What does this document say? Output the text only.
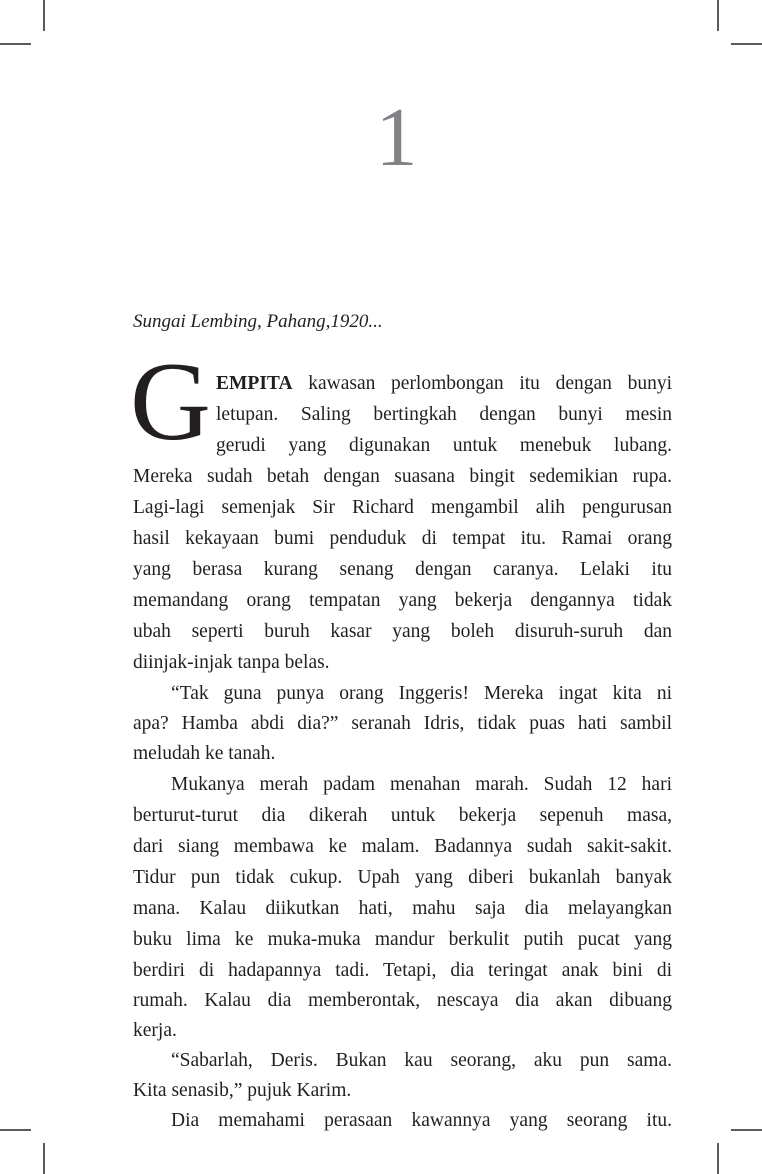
1
Sungai Lembing, Pahang,1920...
G EMPITA kawasan perlombongan itu dengan bunyi
letupan. Saling bertingkah dengan bunyi mesin
gerudi yang digunakan untuk menebuk lubang.
Mereka sudah betah dengan suasana bingit sedemikian rupa.
Lagi-lagi semenjak Sir Richard mengambil alih pengurusan
hasil kekayaan bumi penduduk di tempat itu. Ramai orang
yang berasa kurang senang dengan caranya. Lelaki itu
memandang orang tempatan yang bekerja dengannya tidak
ubah seperti buruh kasar yang boleh disuruh-suruh dan
diinjak-injak tanpa belas.
“Tak guna punya orang Inggeris! Mereka ingat kita ni
apa? Hamba abdi dia?” seranah Idris, tidak puas hati sambil
meludah ke tanah.
Mukanya merah padam menahan marah. Sudah 12 hari
berturut-turut dia dikerah untuk bekerja sepenuh masa,
dari siang membawa ke malam. Badannya sudah sakit-sakit.
Tidur pun tidak cukup. Upah yang diberi bukanlah banyak
mana. Kalau diikutkan hati, mahu saja dia melayangkan
buku lima ke muka-muka mandur berkulit putih pucat yang
berdiri di hadapannya tadi. Tetapi, dia teringat anak bini di
rumah. Kalau dia memberontak, nescaya dia akan dibuang
kerja.
“Sabarlah, Deris. Bukan kau seorang, aku pun sama.
Kita senasib,” pujuk Karim.
Dia memahami perasaan kawannya yang seorang itu.
